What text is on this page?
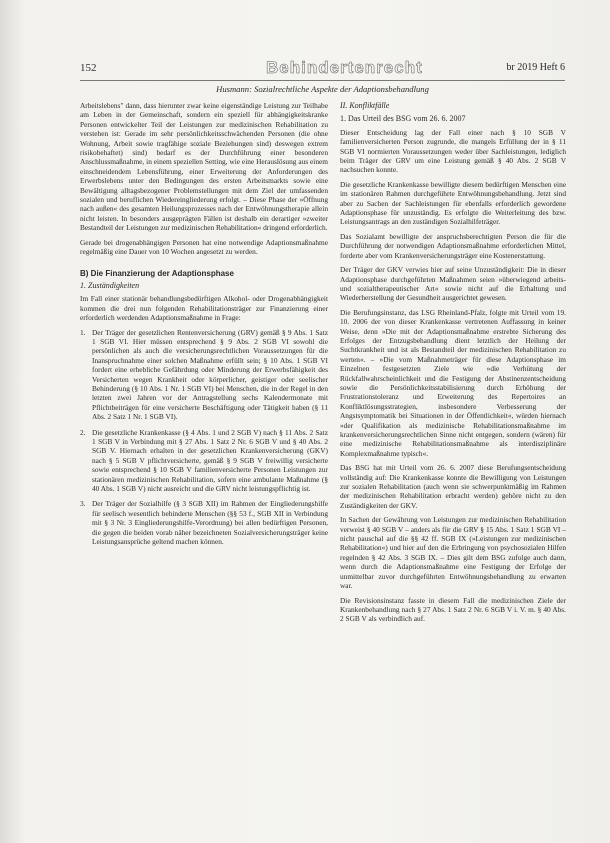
152	Behindertenrecht	br 2019 Heft 6
Husmann: Sozialrechtliche Aspekte der Adaptionsbehandlung

Arbeitslebens" dann, dass hierunter zwar keine eigenständige Leistung zur Teilhabe am Leben in der Gemeinschaft, sondern ein speziell für abhängigkeitskranke Personen entwickelter Teil der Leistungen zur medizinischen Rehabilitation zu verstehen ist: Gerade im sehr persönlichkeitsschwächenden Personen (die ohne Wohnung, Arbeit sowie tragfähige soziale Beziehungen sind) deswegen extrem risikobehaftet) sind) bedarf es der Durchführung einer besonderen Anschlussmaßnahme, in einem speziellen Setting, wie eine Herauslösung aus einem einschneidendem Lebensführung, einer Erweiterung der Anforderungen des Erwerbslebens unter den Bedingungen des ersten Arbeitsmarkts sowie eine Bewältigung alltagsbezogener Problemstellungen mit dem Ziel der umfassenden sozialen und beruflichen Wiedereingliederung erfolgt. – Diese Phase der »Öffnung nach außen« des gesamten Heilungsprozesses nach der Entwöhnungstherapie allein nicht leisten. In besonders ausgeprägten Fällen ist deshalb ein derartiger »zweiter Bestandteil der Leistungen zur medizinischen Rehabilitation« dringend erforderlich.

Gerade bei drogenabhängigen Personen hat eine notwendige Adaptionsmaßnahme regelmäßig eine Dauer von 10 Wochen angesetzt zu werden.

B) Die Finanzierung der Adaptionsphase
1. Zuständigkeiten

Im Fall einer stationär behandlungsbedürftigen Alkohol- oder Drogenabhängigkeit kommen die drei nun folgenden Rehabilitationsträger zur Finanzierung einer erforderlich werdenden Adaptionsmaßnahme in Frage:

1. Der Träger der gesetzlichen Rentenversicherung (GRV) gemäß § 9 Abs. 1 Satz 1 SGB VI. Hier müssen entsprechend § 9 Abs. 2 SGB VI sowohl die persönlichen als auch die versicherungsrechtlichen Voraussetzungen für die Inanspruchnahme einer solchen Maßnahme erfüllt sein; § 10 Abs. 1 SGB VI fordert eine erhebliche Gefährdung oder Minderung der Erwerbsfähigkeit des Versicherten wegen Krankheit oder körperlicher, geistiger oder seelischer Behinderung (§ 10 Abs. 1 Nr. 1 SGB VI) bei Menschen, die in der Regel in den letzten zwei Jahren vor der Antragstellung sechs Kalendermonate mit Pflichtbeiträgen für eine versicherte Beschäftigung oder Tätigkeit haben (§ 11 Abs. 2 Satz 1 Nr. 1 SGB VI).
2. Die gesetzliche Krankenkasse (§ 4 Abs. 1 und 2 SGB V) nach § 11 Abs. 2 Satz 1 SGB V in Verbindung mit § 27 Abs. 1 Satz 2 Nr. 6 SGB V und § 40 Abs. 2 SGB V. Hiernach erhalten in der gesetzlichen Krankenversicherung (GKV) nach § 5 SGB V pflichtversicherte, gemäß § 9 SGB V freiwillig versicherte sowie entsprechend § 10 SGB V familienversicherte Personen Leistungen zur stationären medizinischen Rehabilitation, sofern eine ambulante Maßnahme (§ 40 Abs. 1 SGB V) nicht ausreicht und die GRV nicht leistungspflichtig ist.
3. Der Träger der Sozialhilfe (§ 3 SGB XII) im Rahmen der Eingliederungshilfe für seelisch wesentlich behinderte Menschen (§§ 53 f., SGB XII in Verbindung mit § 3 Nr. 3 Eingliederungshilfe-Verordnung) bei allen bedürftigen Personen, die gegen die beiden vorab näher bezeichneten Sozialversicherungsträger keine Leistungsansprüche geltend machen können.
II. Konfliktfälle
1. Das Urteil des BSG vom 26. 6. 2007

Dieser Entscheidung lag der Fall einer nach § 10 SGB V familienversicherten Person zugrunde, die mangels Erfüllung der in § 11 SGB VI normierten Voraussetzungen weder über Sachleistungen, lediglich beim Träger der GRV um eine Leistung gemäß § 40 Abs. 2 SGB V nachsuchen konnte.

Die gesetzliche Krankenkasse bewilligte diesem bedürftigen Menschen eine im stationären Rahmen durchgeführte Entwöhnungsbehandlung. Jetzt sind aber zu Sachen der Sachleistungen für ebenfalls erforderlich gewordene Adaptionsphase für unzuständig. Es erfolgte die Weiterleitung des bzw. Leistungsantrags an den zuständigen Sozialhilfeträger.

Das Sozialamt bewilligte der anspruchsberechtigten Person die für die Durchführung der notwendigen Adaptionsmaßnahme erforderlichen Mittel, forderte aber vom Krankenversicherungsträger eine Kostenerstattung.

Der Träger der GKV verwies hier auf seine Unzuständigkeit: Die in dieser Adaptionsphase durchgeführten Maßnahmen seien »überwiegend arbeits- und sozialtherapeutischer Art« sowie nicht auf die Erhaltung und Wiederherstellung der Gesundheit ausgerichtet gewesen.

Die Berufungsinstanz, das LSG Rheinland-Pfalz, folgte mit Urteil vom 19. 10. 2006 der von dieser Krankenkasse vertretenen Auffassung in keiner Weise, denn »Die mit der Adaptionsmaßnahme erstrebte Sicherung des Erfolges der Entzugsbehandlung dient letztlich der Heilung der Suchtkrankheit und ist als Bestandteil der medizinischen Rehabilitation zu werten«. – »Die vom Maßnahmeträger für diese Adaptionsphase im Einzelnen festgesetzten Ziele wie »die Verhütung der Rückfallwahrscheinlichkeit und die Festigung der Abstinenzentscheidung sowie die Persönlichkeitsstabilisierung durch Erhöhung der Frustrationstoleranz und Erweiterung des Repertoires an Konfliktlösungsstrategien, insbesondere Verbesserung der Angstsymptomatik bei Situationen in der Öffentlichkeit«, würden hiernach »der Qualifikation als medizinische Rehabilitationsmaßnahme im krankenversicherungsrechtlichen Sinne nicht entgegen, sondern (wären) für eine medizinische Rehabilitationsmaßnahme als interdisziplinäre Komplexmaßnahme typisch«.

Das BSG hat mit Urteil vom 26. 6. 2007 diese Berufungsentscheidung vollständig auf: Die Krankenkasse konnte die Bewilligung von Leistungen zur sozialen Rehabilitation (auch wenn sie schwerpunktmäßig im Rahmen der medizinischen Rehabilitation erbracht werden) gehöre nicht zu den Zuständigkeiten der GKV.

In Sachen der Gewährung von Leistungen zur medizinischen Rehabilitation verweist § 40 SGB V – anders als für die GRV § 15 Abs. 1 Satz 1 SGB VI – nicht pauschal auf die §§ 42 ff. SGB IX (»Leistungen zur medizinischen Rehabilitation«) und hier auf den die Erbringung von psychosozialen Hilfen regelnden § 42 Abs. 3 SGB IX. – Dies gilt dem BSG zufolge auch dann, wenn durch die Adaptionsmaßnahme eine Festigung der Erfolge der unmittelbar zuvor durchgeführten Entwöhnungsbehandlung zu erwarten war.

Die Revisionsinstanz fasste in diesem Fall die medizinischen Ziele der Krankenbehandlung nach § 27 Abs. 1 Satz 2 Nr. 6 SGB V i. V. m. § 40 Abs. 2 SGB V als verbindlich auf.
